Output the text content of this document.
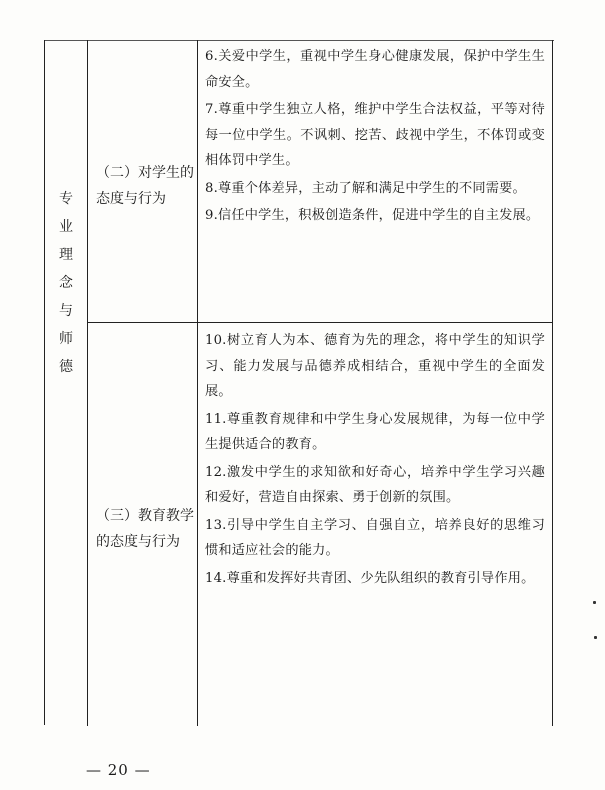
专
业
理
念
与
师
德
（二）对学生的态度与行为

6.关爱中学生，重视中学生身心健康发展，保护中学生生命安全。

7.尊重中学生独立人格，维护中学生合法权益，平等对待每一位中学生。不讽刺、挖苦、歧视中学生，不体罚或变相体罚中学生。

8.尊重个体差异，主动了解和满足中学生的不同需要。

9.信任中学生，积极创造条件，促进中学生的自主发展。

（三）教育教学的态度与行为

10.树立育人为本、德育为先的理念，将中学生的知识学习、能力发展与品德养成相结合，重视中学生的全面发展。

11.尊重教育规律和中学生身心发展规律，为每一位中学生提供适合的教育。

12.激发中学生的求知欲和好奇心，培养中学生学习兴趣和爱好，营造自由探索、勇于创新的氛围。

13.引导中学生自主学习、自强自立，培养良好的思维习惯和适应社会的能力。

14.尊重和发挥好共青团、少先队组织的教育引导作用。

— 20 —
